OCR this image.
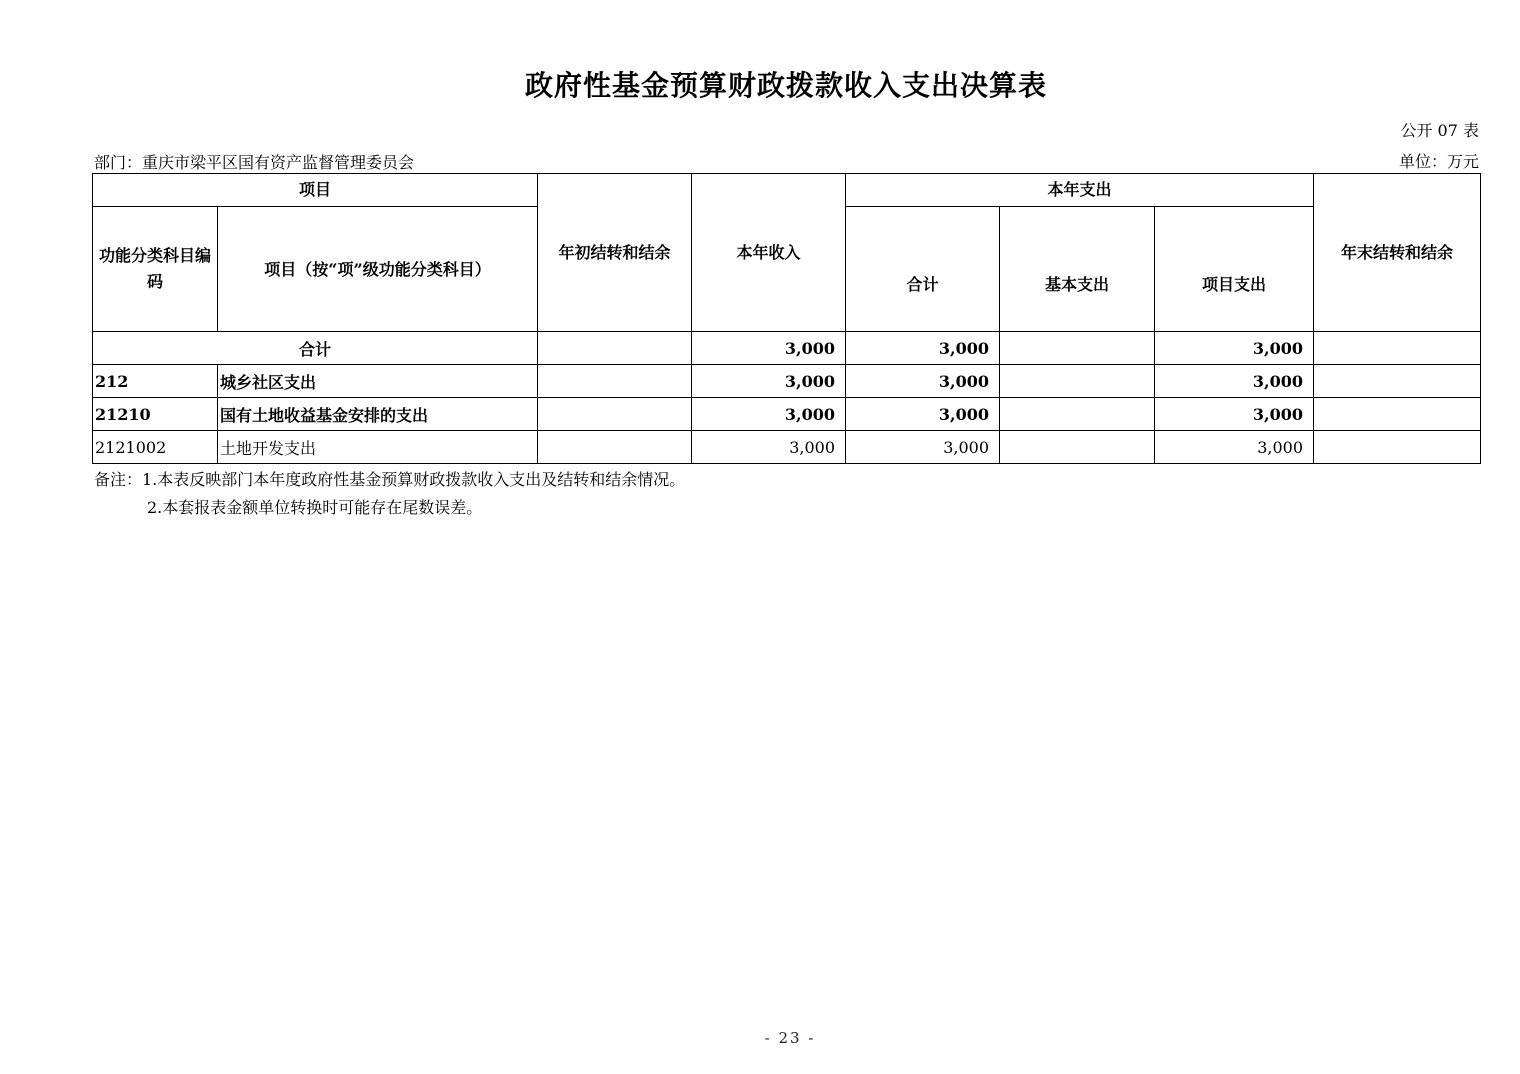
政府性基金预算财政拨款收入支出决算表
公开 07 表
部门：重庆市梁平区国有资产监督管理委员会	单位：万元
项目		年初结转和结余	本年收入	本年支出			年末结转和结余
功能分类科目编码	项目（按“项”级功能分类科目）			合计	基本支出	项目支出	
合计			3,000	3,000		3,000	
212	城乡社区支出		3,000	3,000		3,000	
21210	国有土地收益基金安排的支出		3,000	3,000		3,000	
2121002	土地开发支出		3,000	3,000		3,000	
备注：1.本表反映部门本年度政府性基金预算财政拨款收入支出及结转和结余情况。
2.本套报表金额单位转换时可能存在尾数误差。
- 23 -
